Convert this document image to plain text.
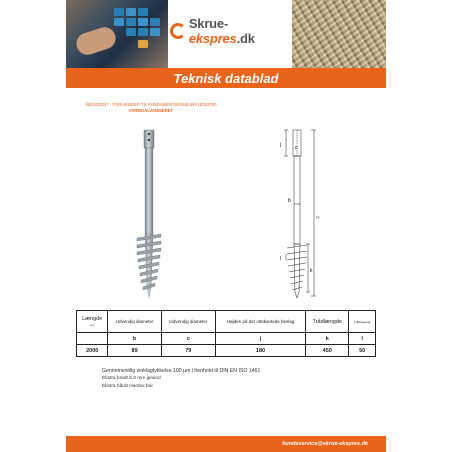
Skrue-ekspres.dk
Teknisk datablad
9501000247 - FORLÆNGER TIL FUNDAMENTSKRUE 89X180X2000
VARMGALVANISERET
c
b
j
k
l
Lg
Længde
(L)	Udvendig diameter	Indvendig diameter	Højden på det ottekantede beslag	Trådlængde	Trådstigning
	b	c	j	k	l
2000	89	79	180	450	50
Gennemsnitlig zinklagtykkelse 100 µm i henhold til DIN EN ISO 1461
Ekstra bredt 5,0 mm gevind
Ekstra hårdt Hardox bor
kundeservice@skrue-ekspres.dk
